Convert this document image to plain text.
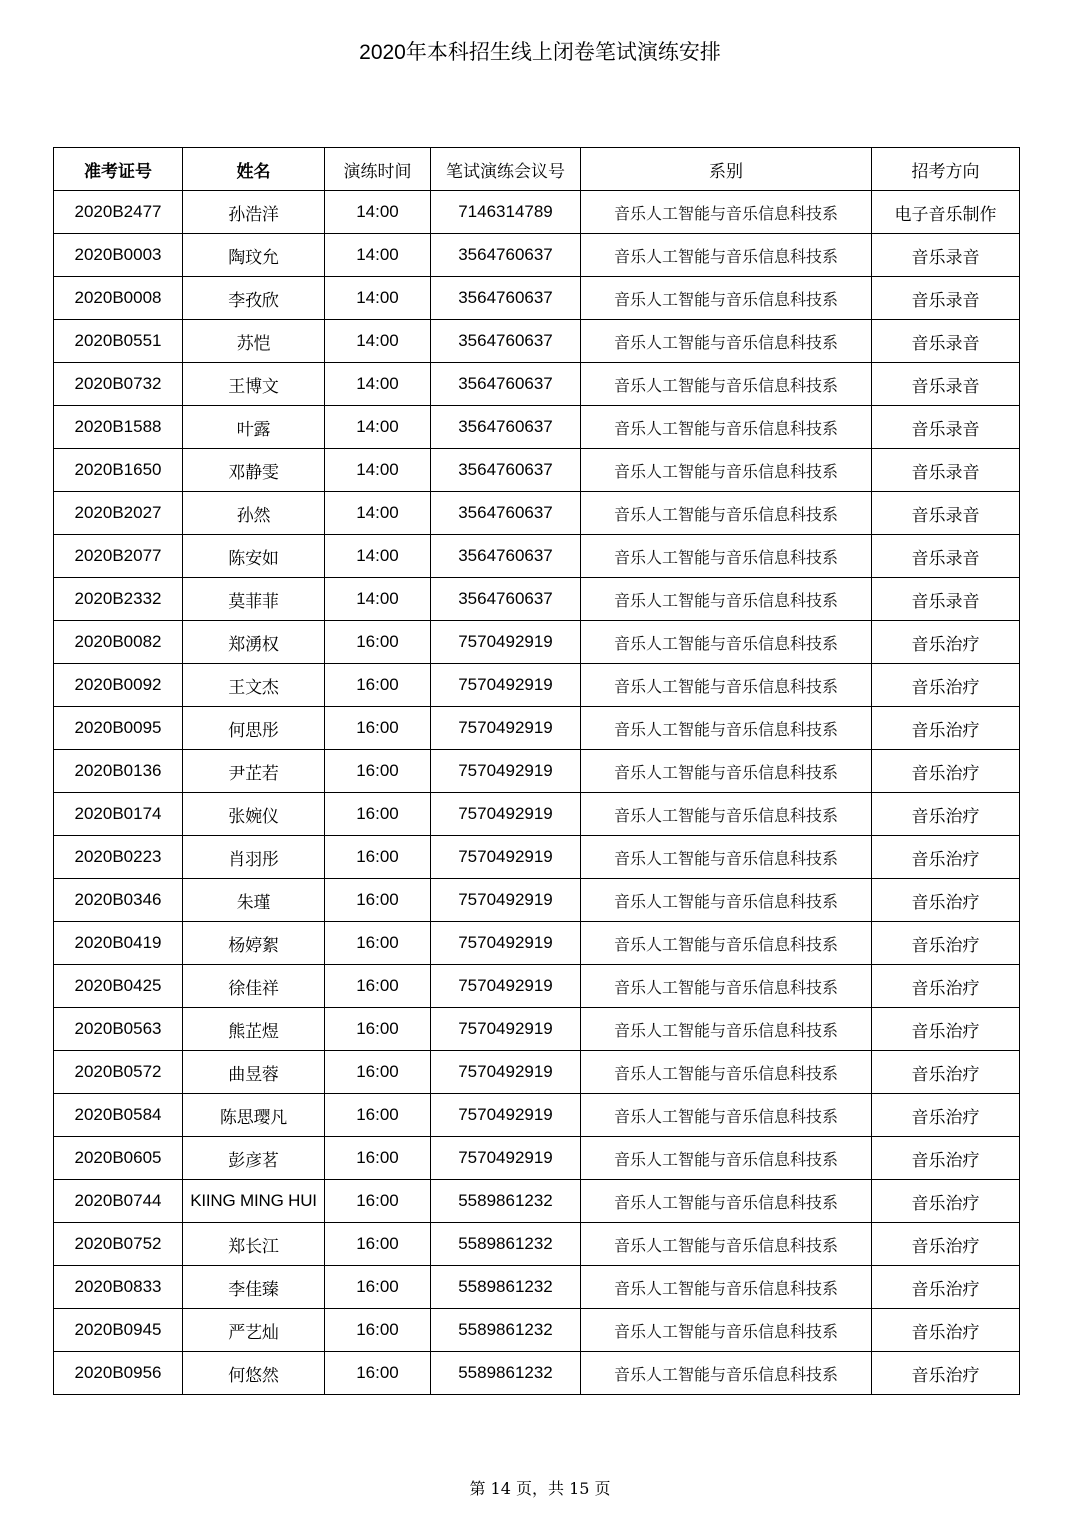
2020年本科招生线上闭卷笔试演练安排
准考证号	姓名	演练时间	笔试演练会议号	系别	招考方向
2020B2477	孙浩洋	14:00	7146314789	音乐人工智能与音乐信息科技系	电子音乐制作
2020B0003	陶玟允	14:00	3564760637	音乐人工智能与音乐信息科技系	音乐录音
2020B0008	李孜欣	14:00	3564760637	音乐人工智能与音乐信息科技系	音乐录音
2020B0551	苏恺	14:00	3564760637	音乐人工智能与音乐信息科技系	音乐录音
2020B0732	王博文	14:00	3564760637	音乐人工智能与音乐信息科技系	音乐录音
2020B1588	叶露	14:00	3564760637	音乐人工智能与音乐信息科技系	音乐录音
2020B1650	邓静雯	14:00	3564760637	音乐人工智能与音乐信息科技系	音乐录音
2020B2027	孙然	14:00	3564760637	音乐人工智能与音乐信息科技系	音乐录音
2020B2077	陈安如	14:00	3564760637	音乐人工智能与音乐信息科技系	音乐录音
2020B2332	莫菲菲	14:00	3564760637	音乐人工智能与音乐信息科技系	音乐录音
2020B0082	郑湧权	16:00	7570492919	音乐人工智能与音乐信息科技系	音乐治疗
2020B0092	王文杰	16:00	7570492919	音乐人工智能与音乐信息科技系	音乐治疗
2020B0095	何思彤	16:00	7570492919	音乐人工智能与音乐信息科技系	音乐治疗
2020B0136	尹芷若	16:00	7570492919	音乐人工智能与音乐信息科技系	音乐治疗
2020B0174	张婉仪	16:00	7570492919	音乐人工智能与音乐信息科技系	音乐治疗
2020B0223	肖羽彤	16:00	7570492919	音乐人工智能与音乐信息科技系	音乐治疗
2020B0346	朱瑾	16:00	7570492919	音乐人工智能与音乐信息科技系	音乐治疗
2020B0419	杨婷絮	16:00	7570492919	音乐人工智能与音乐信息科技系	音乐治疗
2020B0425	徐佳祥	16:00	7570492919	音乐人工智能与音乐信息科技系	音乐治疗
2020B0563	熊芷煜	16:00	7570492919	音乐人工智能与音乐信息科技系	音乐治疗
2020B0572	曲昱蓉	16:00	7570492919	音乐人工智能与音乐信息科技系	音乐治疗
2020B0584	陈思璎凡	16:00	7570492919	音乐人工智能与音乐信息科技系	音乐治疗
2020B0605	彭彦茗	16:00	7570492919	音乐人工智能与音乐信息科技系	音乐治疗
2020B0744	KIING MING HUI	16:00	5589861232	音乐人工智能与音乐信息科技系	音乐治疗
2020B0752	郑长江	16:00	5589861232	音乐人工智能与音乐信息科技系	音乐治疗
2020B0833	李佳臻	16:00	5589861232	音乐人工智能与音乐信息科技系	音乐治疗
2020B0945	严艺灿	16:00	5589861232	音乐人工智能与音乐信息科技系	音乐治疗
2020B0956	何悠然	16:00	5589861232	音乐人工智能与音乐信息科技系	音乐治疗
第 14 页，共 15 页
